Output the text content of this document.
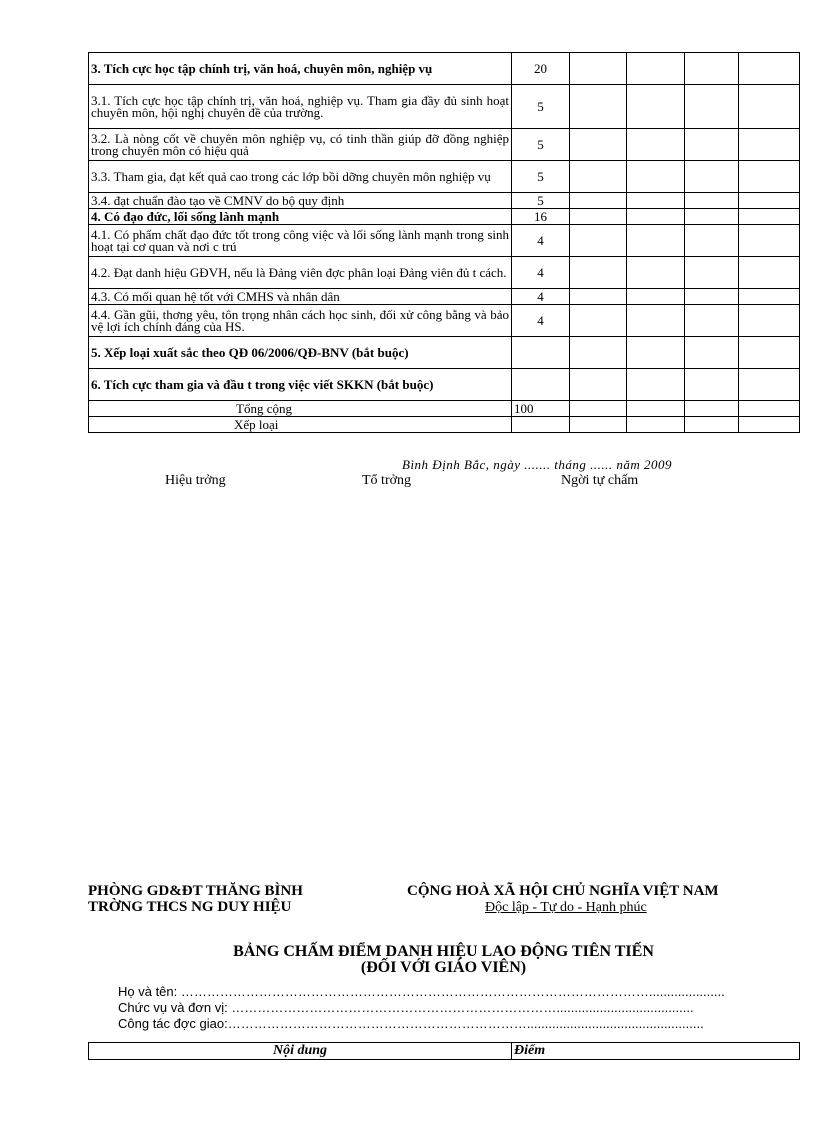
3. Tích cực học tập chính trị, văn hoá, chuyên môn, nghiệp vụ	20				
3.1. Tích cực học tập chính trị, văn hoá, nghiệp vụ. Tham gia đầy đủ sinh hoạt chuyên môn, hội nghị chuyên đề của trường.	5				
3.2. Là nòng cốt về chuyên môn nghiệp vụ, có tinh thần giúp đỡ đồng nghiệp trong chuyên môn có hiệu quả	5				
3.3. Tham gia, đạt kết quả cao trong các lớp bồi dỡng chuyên môn nghiệp vụ	5				
3.4. đạt chuẩn đào tạo về CMNV do bộ quy định	5				
4. Có đạo đức, lối sống lành mạnh	16				
4.1. Có phẩm chất đạo đức tốt trong công việc và lối sống lành mạnh trong sinh hoạt tại cơ quan và nơi c trú	4				
4.2. Đạt danh hiệu GĐVH, nếu là Đảng viên đợc phân loại Đảng viên đủ t cách.	4				
4.3. Có mối quan hệ tốt với CMHS và nhân dân	4				
4.4. Gần gũi, thơng yêu, tôn trọng nhân cách học sinh, đối xử công bằng và bảo vệ lợi ích chính đáng của HS.	4				
5. Xếp loại xuất sắc theo QĐ 06/2006/QĐ-BNV (bắt buộc)					
6. Tích cực tham gia và đầu t trong việc viết SKKN (bắt buộc)					
Tổng cộng	100				
Xếp loại					
Bình Định Bắc, ngày ....... tháng ...... năm 2009
Hiệu trởng	Tổ trởng	Ngời tự chấm
PHÒNG GD&ĐT THĂNG BÌNH
TRỜNG THCS NG DUY HIỆU
CỘNG HOÀ XÃ HỘI CHỦ NGHĨA VIỆT NAM
Độc lập - Tự do - Hạnh phúc
BẢNG CHẤM ĐIỂM DANH HIỆU LAO ĐỘNG TIÊN TIẾN
(ĐỐI VỚI GIÁO VIÊN)
Họ và tên: ……………………………………………………………………………………………….....................
Chức vụ và đơn vị: …………………………………………………………………......................................
Công tác đợc giao:…………………………………………………………….................................................
Nội dung	Điểm
